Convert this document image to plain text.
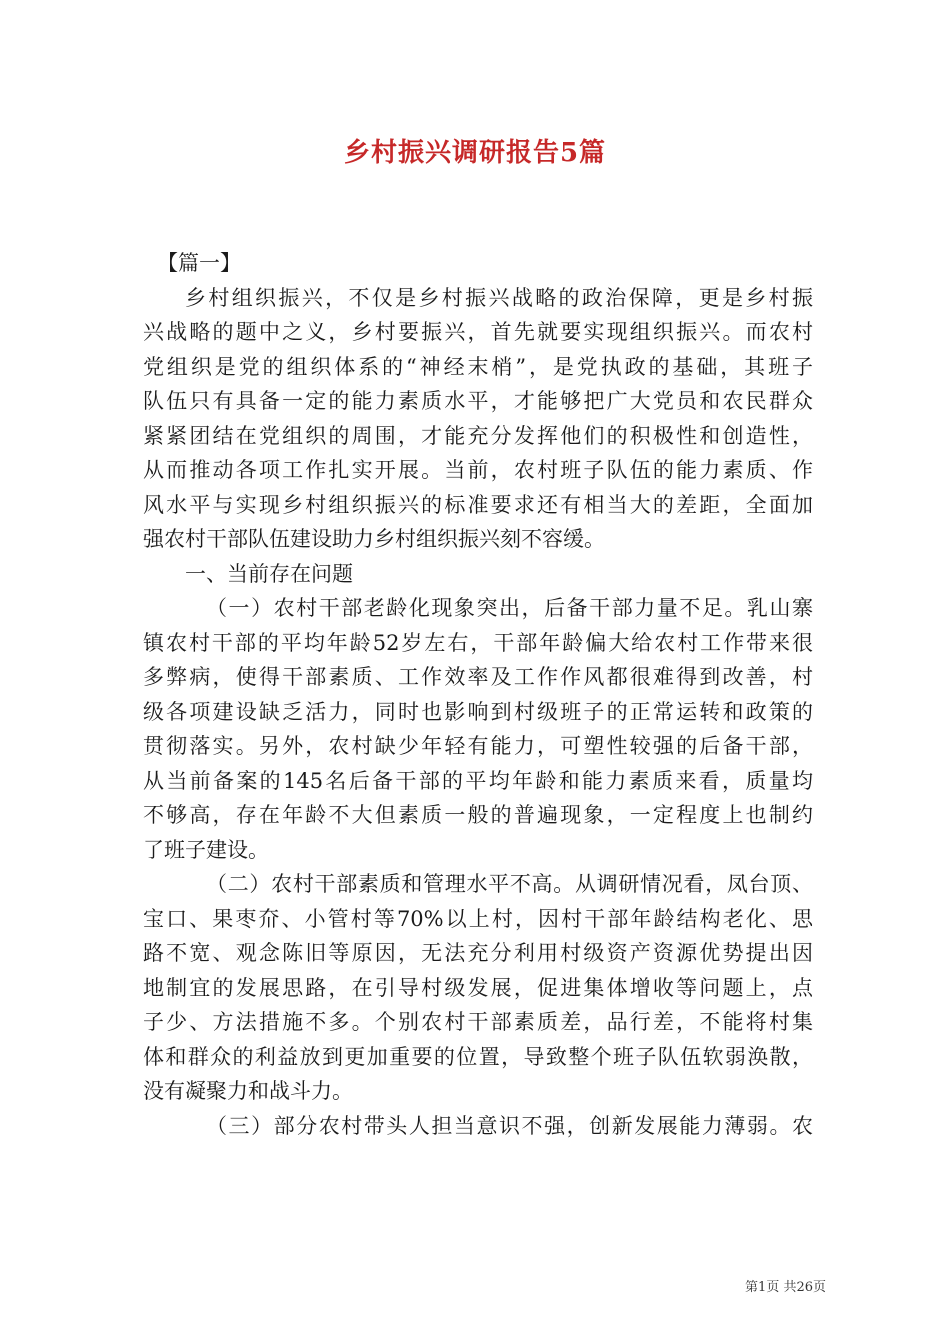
乡村振兴调研报告5篇
【篇一】
乡村组织振兴，不仅是乡村振兴战略的政治保障，更是乡村振
兴战略的题中之义，乡村要振兴，首先就要实现组织振兴。而农村
党组织是党的组织体系的“神经末梢”，是党执政的基础，其班子
队伍只有具备一定的能力素质水平，才能够把广大党员和农民群众
紧紧团结在党组织的周围，才能充分发挥他们的积极性和创造性，
从而推动各项工作扎实开展。当前，农村班子队伍的能力素质、作
风水平与实现乡村组织振兴的标准要求还有相当大的差距，全面加
强农村干部队伍建设助力乡村组织振兴刻不容缓。
一、当前存在问题
（一）农村干部老龄化现象突出，后备干部力量不足。乳山寨
镇农村干部的平均年龄52岁左右，干部年龄偏大给农村工作带来很
多弊病，使得干部素质、工作效率及工作作风都很难得到改善，村
级各项建设缺乏活力，同时也影响到村级班子的正常运转和政策的
贯彻落实。另外，农村缺少年轻有能力，可塑性较强的后备干部，
从当前备案的145名后备干部的平均年龄和能力素质来看，质量均
不够高，存在年龄不大但素质一般的普遍现象，一定程度上也制约
了班子建设。
（二）农村干部素质和管理水平不高。从调研情况看，凤台顶、
宝口、果枣夼、小管村等70%以上村，因村干部年龄结构老化、思
路不宽、观念陈旧等原因，无法充分利用村级资产资源优势提出因
地制宜的发展思路，在引导村级发展，促进集体增收等问题上，点
子少、方法措施不多。个别农村干部素质差，品行差，不能将村集
体和群众的利益放到更加重要的位置，导致整个班子队伍软弱涣散，
没有凝聚力和战斗力。
（三）部分农村带头人担当意识不强，创新发展能力薄弱。农
第1页 共26页
